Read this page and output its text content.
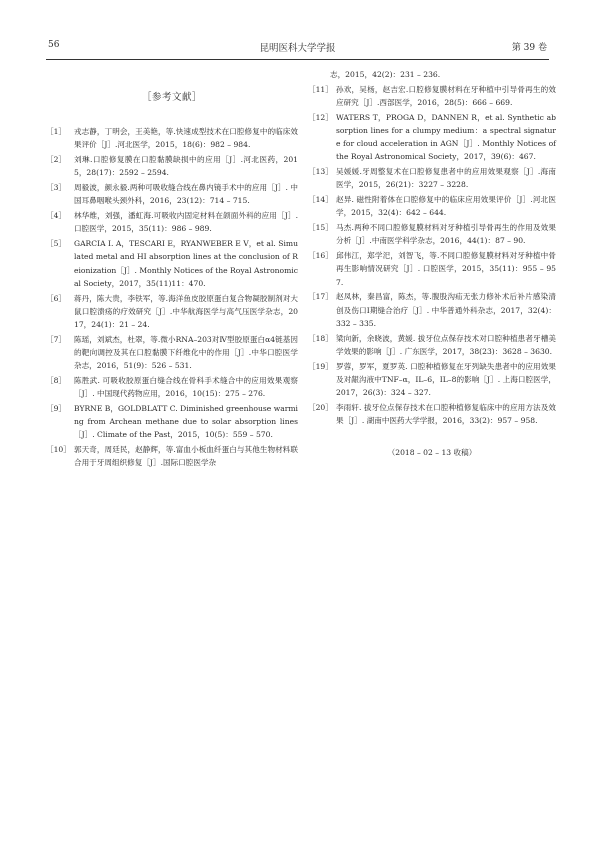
56	昆明医科大学学报	第 39 卷
［参考文献］
［1］	戎志静，丁明会，王美艳，等.快速成型技术在口腔修复中的临床效果评价［J］.河北医学，2015，18(6)：982 – 984.
［2］	刘琳.口腔修复膜在口腔黏膜缺损中的应用［J］.河北医药，2015，28(17)：2592 – 2594.
［3］	周毅波，颜永毅.两种可吸收缝合线在鼻内镜手术中的应用［J］. 中国耳鼻咽喉头颈外科，2016，23(12)：714 – 715.
［4］	林华维，刘强，潘虹海.可吸收内固定材料在颌面外科的应用［J］.口腔医学，2015，35(11)：986 – 989.
［5］	GARCIA I. A，TESCARI E，RYANWEBER E V，et al. Simulated metal and HI absorption lines at the conclusion of Reionization［J］. Monthly Notices of the Royal Astronomical Society，2017，35(11)11：470.
［6］	蒋丹，陈大贵，李铁军，等.海洋鱼皮胶原蛋白复合物凝胶制剂对大鼠口腔溃疡的疗效研究［J］.中华航海医学与高气压医学杂志，2017，24(1)：21 – 24.
［7］	陈瑶，刘斌杰，杜翠，等.微小RNA–203对Ⅳ型胶原蛋白α4链基因的靶向调控及其在口腔黏膜下纤维化中的作用［J］.中华口腔医学杂志，2016，51(9)：526 – 531.
［8］	陈胜武. 可吸收胶原蛋白缝合线在骨科手术缝合中的应用效果观察［J］. 中国现代药物应用，2016，10(15)：275 – 276.
［9］	BYRNE B，GOLDBLATT C. Diminished greenhouse warming from Archean methane due to solar absorption lines［J］. Climate of the Past，2015，10(5)：559 – 570.
［10］ 郭天奇，周廷民，赵静辉，等.富血小板血纤蛋白与其他生物材料联合用于牙周组织修复［J］.国际口腔医学杂
志，2015，42(2)：231 – 236.
［11］ 孙欢，吴杨，赵吉宏.口腔修复膜材料在牙种植中引导骨再生的效应研究［J］.西部医学，2016，28(5)：666 – 669.
［12］ WATERS T，PROGA D，DANNEN R，et al. Synthetic absorption lines for a clumpy medium：a spectral signature for cloud acceleration in AGN［J］. Monthly Notices of the Royal Astronomical Society，2017，39(6)：467.
［13］ 吴媛媛.牙周整复术在口腔修复患者中的应用效果观察［J］.海南医学，2015，26(21)：3227 – 3228.
［14］ 赵异. 磁性附着体在口腔修复中的临床应用效果评价［J］.河北医学，2015，32(4)：642 – 644.
［15］ 马杰.两种不同口腔修复膜材料对牙种植引导骨再生的作用及效果分析［J］.中南医学科学杂志，2016，44(1)：87 – 90.
［16］ 邱伟江，郑学汜，刘智飞，等.不同口腔修复膜材料对牙种植中骨再生影响情况研究［J］. 口腔医学，2015，35(11)：955 – 957.
［17］ 赵凤林，秦昌富，陈杰，等.腹股沟疝无张力修补术后补片感染清创及伤口Ⅰ期缝合治疗［J］. 中华普通外科杂志，2017，32(4)：332 – 335.
［18］ 梁向新，余晓波，黄媛. 拔牙位点保存技术对口腔种植患者牙槽美学效果的影响［J］. 广东医学，2017，38(23)：3628 – 3630.
［19］ 罗蓉，罗军，夏罗英. 口腔种植修复在牙列缺失患者中的应用效果及对龈沟液中TNF–α，IL–6，IL–8的影响［J］. 上海口腔医学，2017，26(3)：324 – 327.
［20］ 李雨轩. 拔牙位点保存技术在口腔种植修复临床中的应用方法及效果［J］. 湖南中医药大学学报，2016，33(2)：957 – 958.
（2018 – 02 – 13 收稿）
